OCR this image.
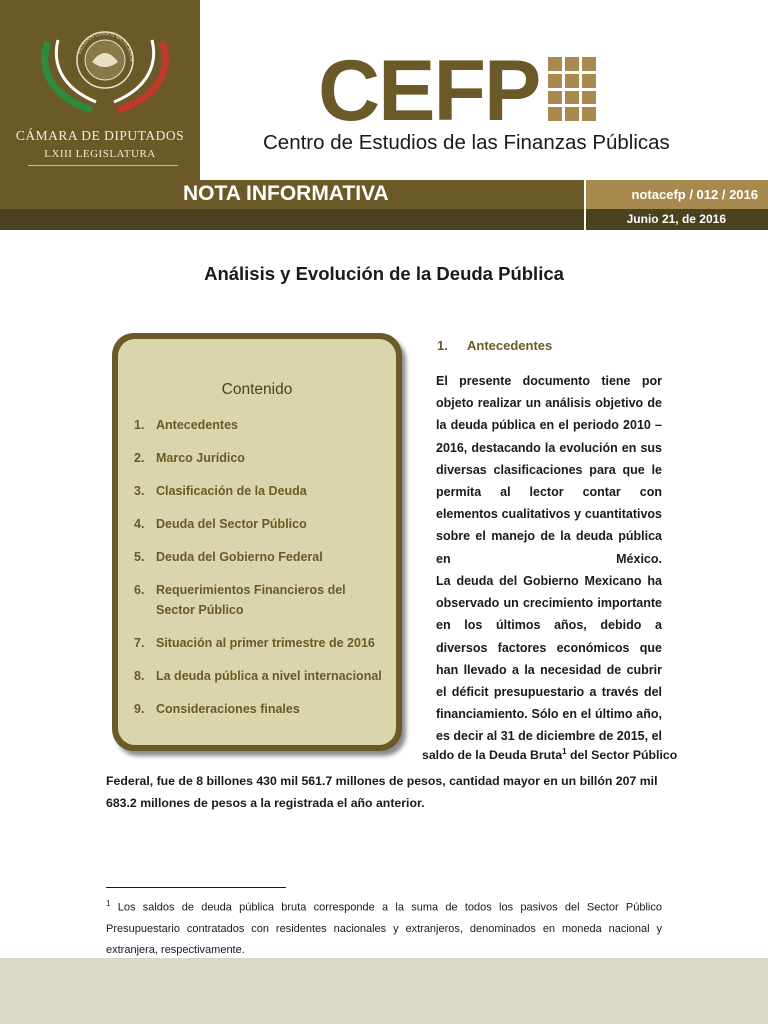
ESTADOS UNIDOS MEXICANOS
CÁMARA DE DIPUTADOS
LXIII LEGISLATURA
CEFP
Centro de Estudios de las Finanzas Públicas
NOTA INFORMATIVA	notacefp / 012 / 2016
Junio 21, de 2016
Análisis y Evolución de la Deuda Pública
Contenido
1. Antecedentes
2. Marco Jurídico
3. Clasificación de la Deuda
4. Deuda del Sector Público
5. Deuda del Gobierno Federal
6. Requerimientos Financieros del Sector Público
7. Situación al primer trimestre de 2016
8. La deuda pública a nivel internacional
9. Consideraciones finales
1. Antecedentes

El presente documento tiene por objeto realizar un análisis objetivo de la deuda pública en el periodo 2010 – 2016, destacando la evolución en sus diversas clasificaciones para que le permita al lector contar con elementos cualitativos y cuantitativos sobre el manejo de la deuda pública en México.

La deuda del Gobierno Mexicano ha observado un crecimiento importante en los últimos años, debido a diversos factores económicos que han llevado a la necesidad de cubrir el déficit presupuestario a través del financiamiento. Sólo en el último año, es decir al 31 de diciembre de 2015, el

saldo de la Deuda Bruta$^1$ del Sector Público

Federal, fue de 8 billones 430 mil 561.7 millones de pesos, cantidad mayor en un billón 207 mil 683.2 millones de pesos a la registrada el año anterior.

$^1$ Los saldos de deuda pública bruta corresponde a la suma de todos los pasivos del Sector Público Presupuestario contratados con residentes nacionales y extranjeros, denominados en moneda nacional y extranjera, respectivamente.
